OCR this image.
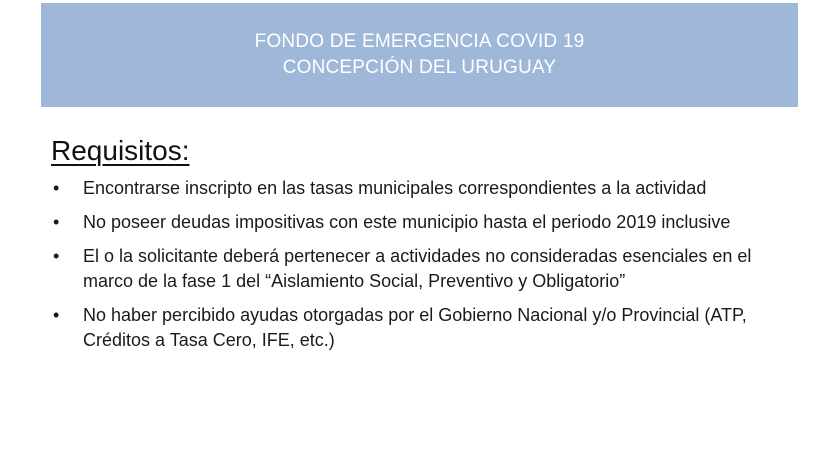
FONDO DE EMERGENCIA COVID 19
CONCEPCIÓN DEL URUGUAY
Requisitos:
• Encontrarse inscripto en las tasas municipales correspondientes a la actividad
• No poseer deudas impositivas con este municipio hasta el periodo 2019 inclusive
• El o la solicitante deberá pertenecer a actividades no consideradas esenciales en el marco de la fase 1 del “Aislamiento Social, Preventivo y Obligatorio”
• No haber percibido ayudas otorgadas por el Gobierno Nacional y/o Provincial (ATP, Créditos a Tasa Cero, IFE, etc.)
